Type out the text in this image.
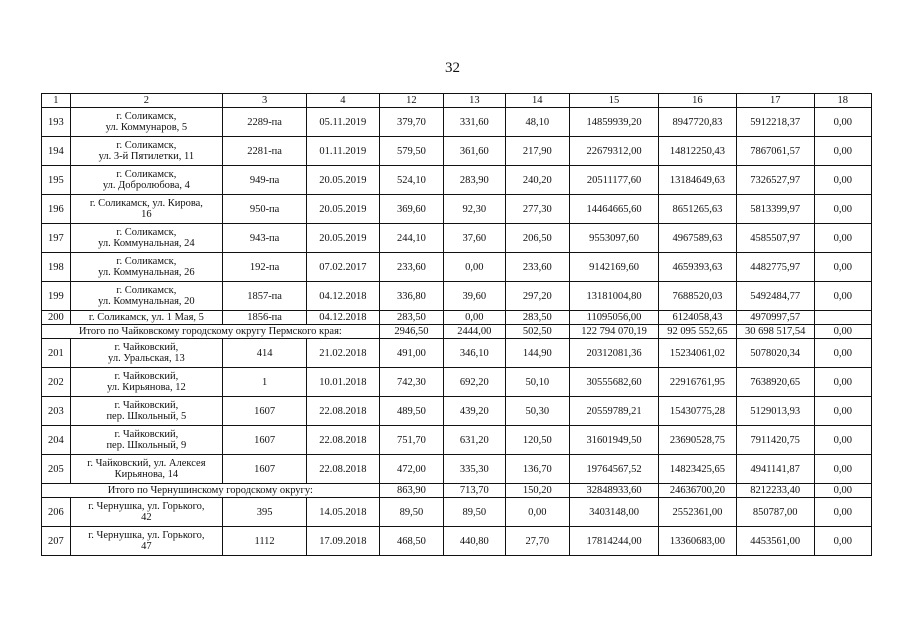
32
1	2	3	4	12	13	14	15	16	17	18
193	г. Соликамск,
ул. Коммунаров, 5	2289-па	05.11.2019	379,70	331,60	48,10	14859939,20	8947720,83	5912218,37	0,00
194	г. Соликамск,
ул. 3-й Пятилетки, 11	2281-па	01.11.2019	579,50	361,60	217,90	22679312,00	14812250,43	7867061,57	0,00
195	г. Соликамск,
ул. Добролюбова, 4	949-па	20.05.2019	524,10	283,90	240,20	20511177,60	13184649,63	7326527,97	0,00
196	г. Соликамск, ул. Кирова,
16	950-па	20.05.2019	369,60	92,30	277,30	14464665,60	8651265,63	5813399,97	0,00
197	г. Соликамск,
ул. Коммунальная, 24	943-па	20.05.2019	244,10	37,60	206,50	9553097,60	4967589,63	4585507,97	0,00
198	г. Соликамск,
ул. Коммунальная, 26	192-па	07.02.2017	233,60	0,00	233,60	9142169,60	4659393,63	4482775,97	0,00
199	г. Соликамск,
ул. Коммунальная, 20	1857-па	04.12.2018	336,80	39,60	297,20	13181004,80	7688520,03	5492484,77	0,00
200	г. Соликамск, ул. 1 Мая, 5	1856-па	04.12.2018	283,50	0,00	283,50	11095056,00	6124058,43	4970997,57	
Итого по Чайковскому городскому округу Пермского края:				2946,50	2444,00	502,50	122 794 070,19	92 095 552,65	30 698 517,54	0,00
201	г. Чайковский,
ул. Уральская, 13	414	21.02.2018	491,00	346,10	144,90	20312081,36	15234061,02	5078020,34	0,00
202	г. Чайковский,
ул. Кирьянова, 12	1	10.01.2018	742,30	692,20	50,10	30555682,60	22916761,95	7638920,65	0,00
203	г. Чайковский,
пер. Школьный, 5	1607	22.08.2018	489,50	439,20	50,30	20559789,21	15430775,28	5129013,93	0,00
204	г. Чайковский,
пер. Школьный, 9	1607	22.08.2018	751,70	631,20	120,50	31601949,50	23690528,75	7911420,75	0,00
205	г. Чайковский, ул. Алексея
Кирьянова, 14	1607	22.08.2018	472,00	335,30	136,70	19764567,52	14823425,65	4941141,87	0,00
Итого по Чернушинскому городскому округу:				863,90	713,70	150,20	32848933,60	24636700,20	8212233,40	0,00
206	г. Чернушка, ул. Горького,
42	395	14.05.2018	89,50	89,50	0,00	3403148,00	2552361,00	850787,00	0,00
207	г. Чернушка, ул. Горького,
47	1112	17.09.2018	468,50	440,80	27,70	17814244,00	13360683,00	4453561,00	0,00
